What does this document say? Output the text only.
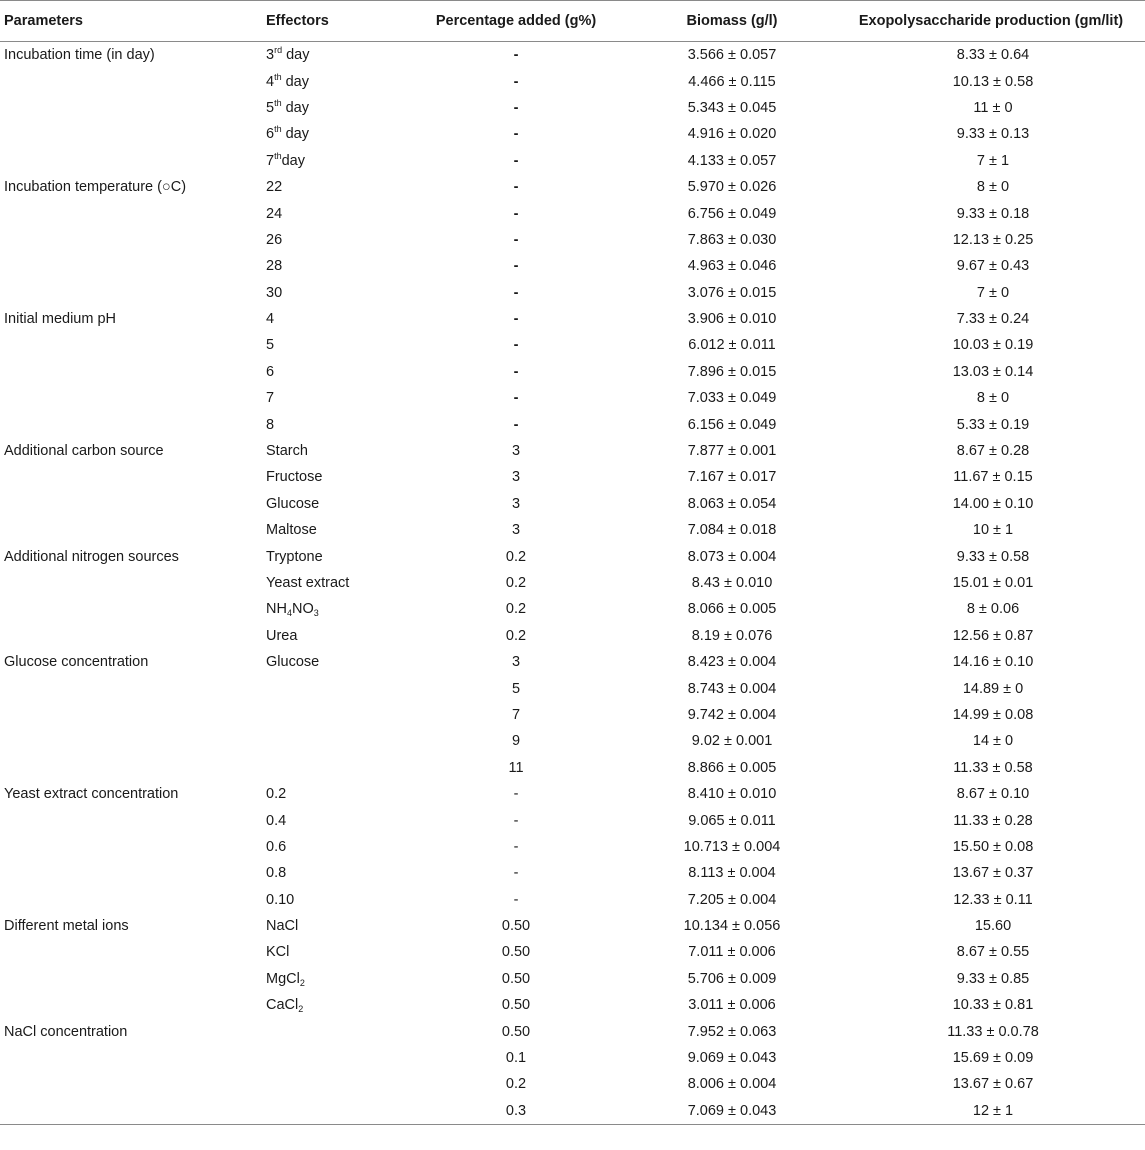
Parameters	Effectors	Percentage added (g%)	Biomass (g/l)	Exopolysaccharide production (gm/lit)
Incubation time (in day)	3rd day	-	3.566 ± 0.057	8.33 ± 0.64
	4th day	-	4.466 ± 0.115	10.13 ± 0.58
	5th day	-	5.343 ± 0.045	11 ± 0
	6th day	-	4.916 ± 0.020	9.33 ± 0.13
	7thday	-	4.133 ± 0.057	7 ± 1
Incubation temperature (○C)	22	-	5.970 ± 0.026	8 ± 0
	24	-	6.756 ± 0.049	9.33 ± 0.18
	26	-	7.863 ± 0.030	12.13 ± 0.25
	28	-	4.963 ± 0.046	9.67 ± 0.43
	30	-	3.076 ± 0.015	7 ± 0
Initial medium pH	4	-	3.906 ± 0.010	7.33 ± 0.24
	5	-	6.012 ± 0.011	10.03 ± 0.19
	6	-	7.896 ± 0.015	13.03 ± 0.14
	7	-	7.033 ± 0.049	8 ± 0
	8	-	6.156 ± 0.049	5.33 ± 0.19
Additional carbon source	Starch	3	7.877 ± 0.001	8.67 ± 0.28
	Fructose	3	7.167 ± 0.017	11.67 ± 0.15
	Glucose	3	8.063 ± 0.054	14.00 ± 0.10
	Maltose	3	7.084 ± 0.018	10 ± 1
Additional nitrogen sources	Tryptone	0.2	8.073 ± 0.004	9.33 ± 0.58
	Yeast extract	0.2	8.43 ± 0.010	15.01 ± 0.01
	$NH_4NO_3$	0.2	8.066 ± 0.005	8 ± 0.06
	Urea	0.2	8.19 ± 0.076	12.56 ± 0.87
Glucose concentration	Glucose	3	8.423 ± 0.004	14.16 ± 0.10
		5	8.743 ± 0.004	14.89 ± 0
		7	9.742 ± 0.004	14.99 ± 0.08
		9	9.02 ± 0.001	14 ± 0
		11	8.866 ± 0.005	11.33 ± 0.58
Yeast extract concentration	0.2	-	8.410 ± 0.010	8.67 ± 0.10
	0.4	-	9.065 ± 0.011	11.33 ± 0.28
	0.6	-	10.713 ± 0.004	15.50 ± 0.08
	0.8	-	8.113 ± 0.004	13.67 ± 0.37
	0.10	-	7.205 ± 0.004	12.33 ± 0.11
Different metal ions	NaCl	0.50	10.134 ± 0.056	15.60
	KCl	0.50	7.011 ± 0.006	8.67 ± 0.55
	MgCl$_2$	0.50	5.706 ± 0.009	9.33 ± 0.85
	CaCl$_2$	0.50	3.011 ± 0.006	10.33 ± 0.81
NaCl concentration		0.50	7.952 ± 0.063	11.33 ± 0.0.78
		0.1	9.069 ± 0.043	15.69 ± 0.09
		0.2	8.006 ± 0.004	13.67 ± 0.67
		0.3	7.069 ± 0.043	12 ± 1
